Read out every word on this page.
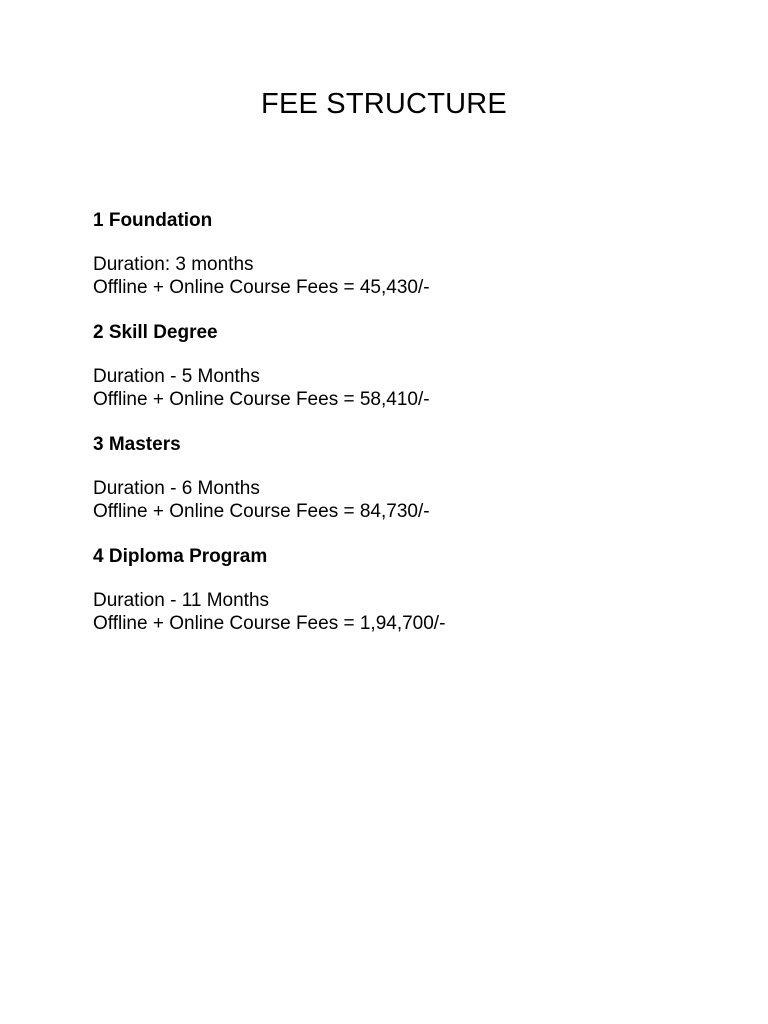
FEE STRUCTURE
1 Foundation

Duration: 3 months

Offline + Online Course Fees = 45,430/-

2 Skill Degree

Duration - 5 Months

Offline + Online Course Fees = 58,410/-

3 Masters

Duration - 6 Months

Offline + Online Course Fees = 84,730/-

4 Diploma Program

Duration - 11 Months

Offline + Online Course Fees = 1,94,700/-
